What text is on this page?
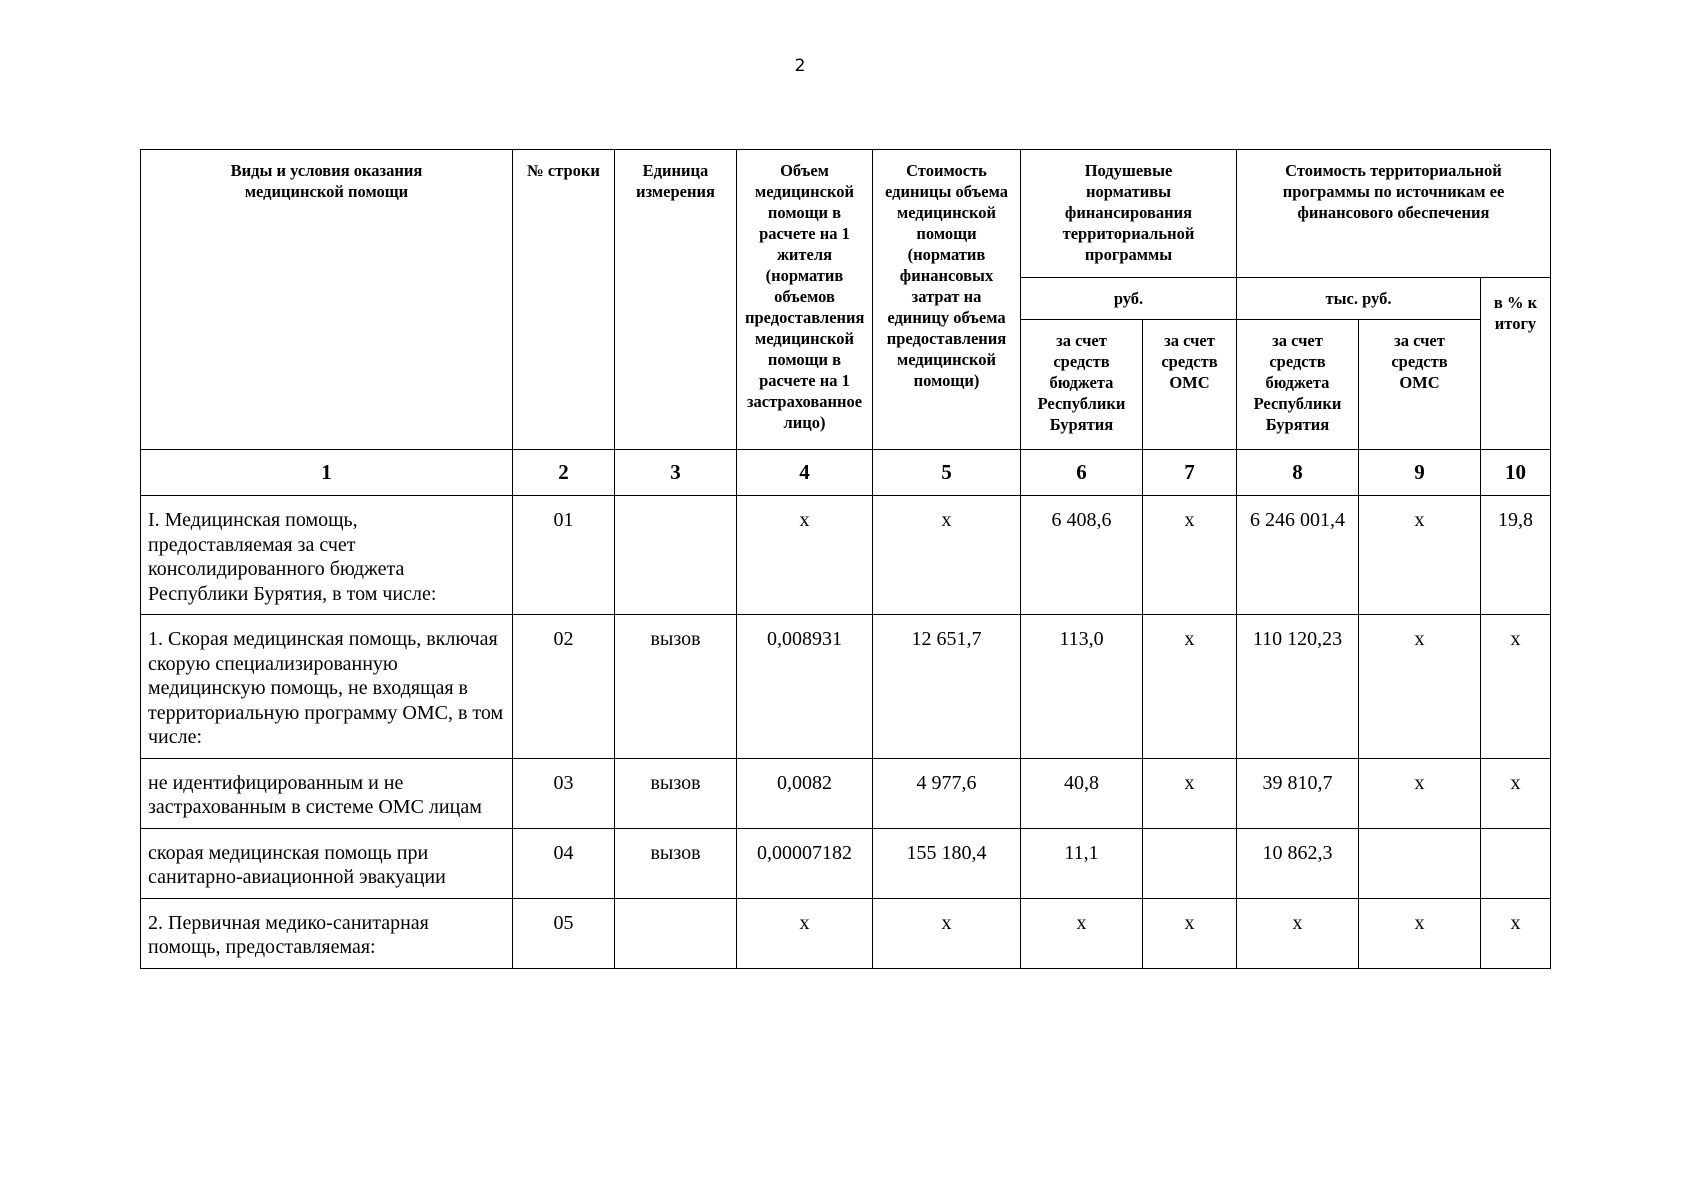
2
Виды и условия оказания медицинской помощи	№ строки	Единица измерения	Объем медицинской помощи в расчете на 1 жителя (норматив объемов предоставления медицинской помощи в расчете на 1 застрахованное лицо)	Стоимость единицы объема медицинской помощи (норматив финансовых затрат на единицу объема предоставления медицинской помощи)	Подушевые нормативы финансирования территориальной программы		Стоимость территориальной программы по источникам ее финансового обеспечения		
					руб.		тыс. руб.		в % к итогу
					за счет средств бюджета Республики Бурятия	за счет средств ОМС	за счет средств бюджета Республики Бурятия	за счет средств ОМС	
1	2	3	4	5	6	7	8	9	10
I. Медицинская помощь, предоставляемая за счет консолидированного бюджета Республики Бурятия, в том числе:	01		х	х	6 408,6	х	6 246 001,4	х	19,8
1. Скорая медицинская помощь, включая скорую специализированную медицинскую помощь, не входящая в территориальную программу ОМС, в том числе:	02	вызов	0,008931	12 651,7	113,0	х	110 120,23	х	х
не идентифицированным и не застрахованным в системе ОМС лицам	03	вызов	0,0082	4 977,6	40,8	х	39 810,7	х	х
скорая медицинская помощь при санитарно-авиационной эвакуации	04	вызов	0,00007182	155 180,4	11,1		10 862,3		
2. Первичная медико-санитарная помощь, предоставляемая:	05		х	х	х	х	х	х	х
